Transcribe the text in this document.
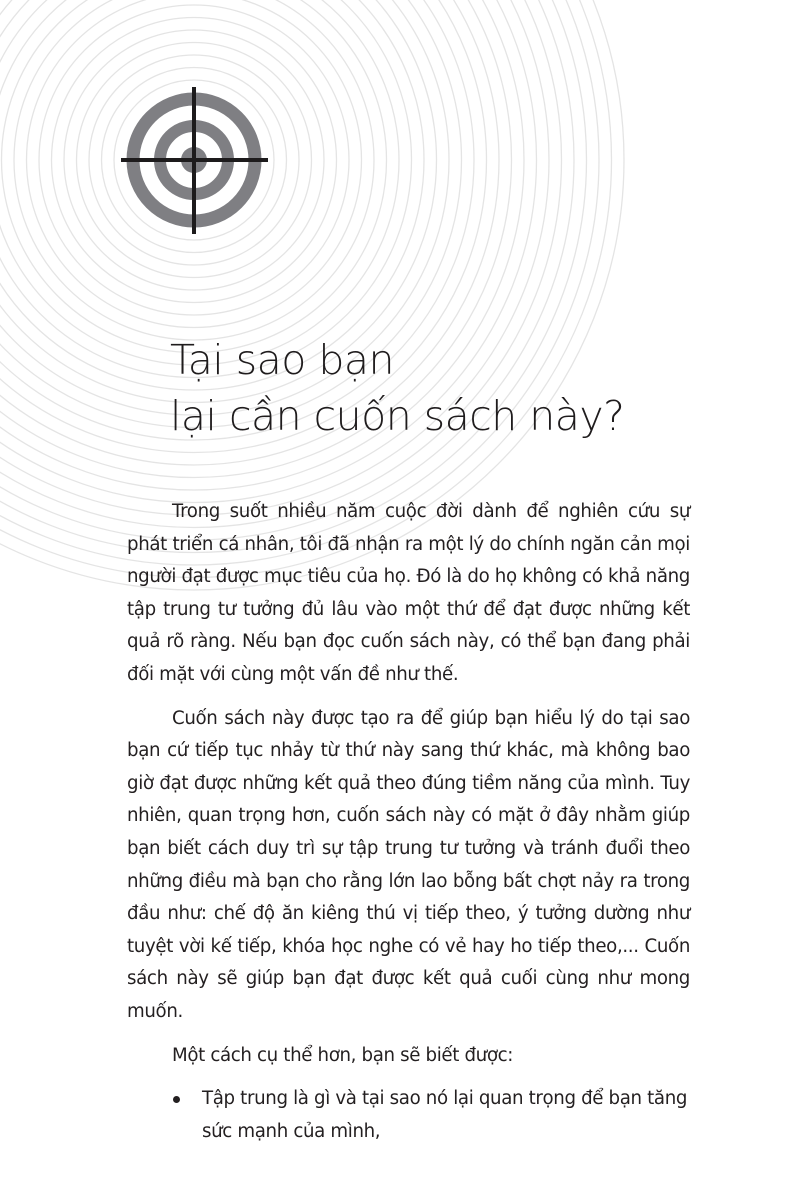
Tại sao bạn
lại cần cuốn sách này?

Trong suốt nhiều năm cuộc đời dành để nghiên cứu sự phát triển cá nhân, tôi đã nhận ra một lý do chính ngăn cản mọi người đạt được mục tiêu của họ. Đó là do họ không có khả năng tập trung tư tưởng đủ lâu vào một thứ để đạt được những kết quả rõ ràng. Nếu bạn đọc cuốn sách này, có thể bạn đang phải đối mặt với cùng một vấn đề như thế.

Cuốn sách này được tạo ra để giúp bạn hiểu lý do tại sao bạn cứ tiếp tục nhảy từ thứ này sang thứ khác, mà không bao giờ đạt được những kết quả theo đúng tiềm năng của mình. Tuy nhiên, quan trọng hơn, cuốn sách này có mặt ở đây nhằm giúp bạn biết cách duy trì sự tập trung tư tưởng và tránh đuổi theo những điều mà bạn cho rằng lớn lao bỗng bất chợt nảy ra trong đầu như: chế độ ăn kiêng thú vị tiếp theo, ý tưởng dường như tuyệt vời kế tiếp, khóa học nghe có vẻ hay ho tiếp theo,... Cuốn sách này sẽ giúp bạn đạt được kết quả cuối cùng như mong muốn.

Một cách cụ thể hơn, bạn sẽ biết được:

Tập trung là gì và tại sao nó lại quan trọng để bạn tăng sức mạnh của mình,
